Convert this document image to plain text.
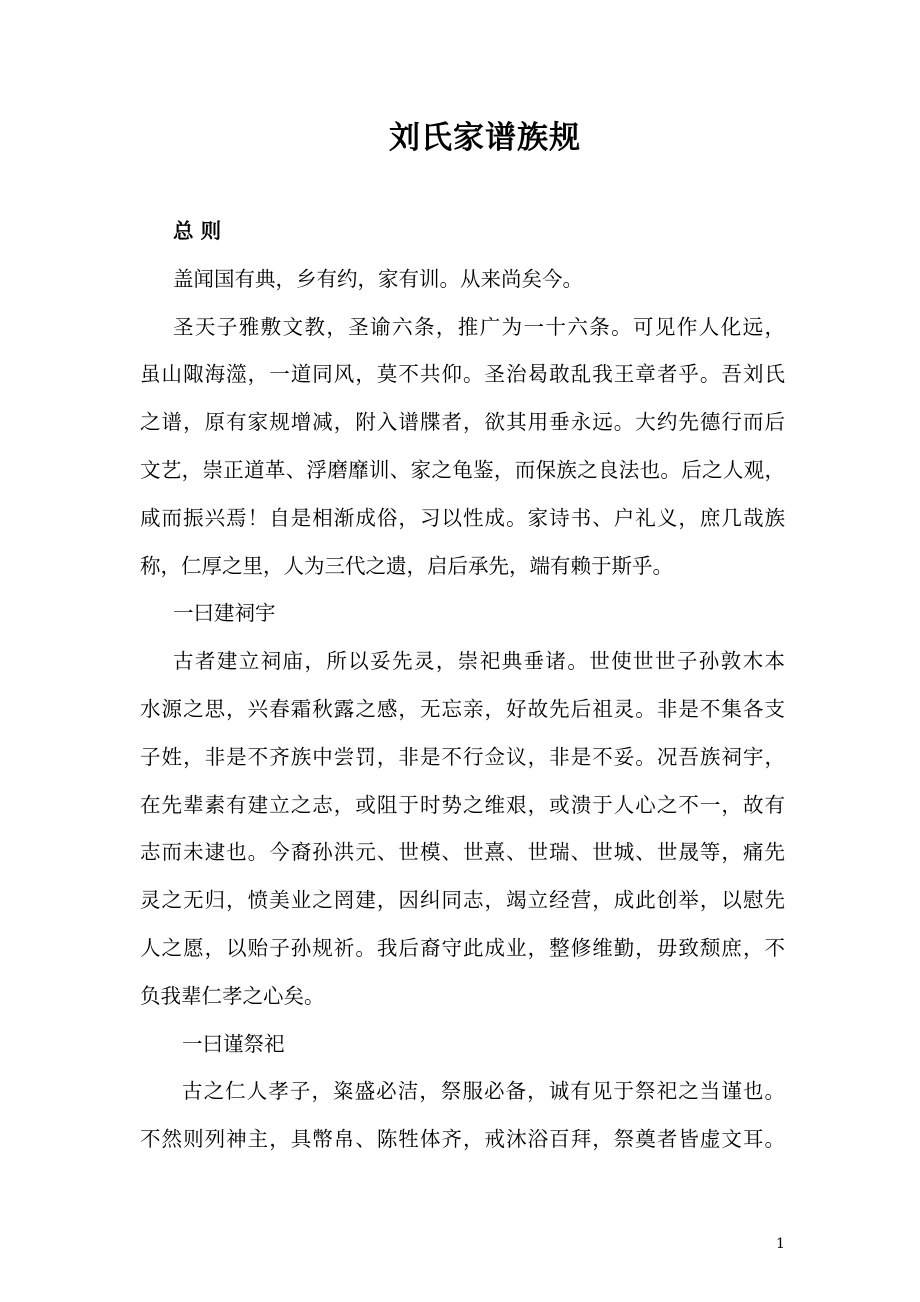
刘氏家谱族规
总 则
盖闻国有典，乡有约，家有训。从来尚矣今。
圣天子雅敷文教，圣谕六条，推广为一十六条。可见作人化远，
虽山陬海澨，一道同风，莫不共仰。圣治曷敢乱我王章者乎。吾刘氏
之谱，原有家规增减，附入谱牒者，欲其用垂永远。大约先德行而后
文艺，崇正道革、浮磨靡训、家之龟鉴，而保族之良法也。后之人观，
咸而振兴焉！自是相渐成俗，习以性成。家诗书、户礼义，庶几哉族
称，仁厚之里，人为三代之遗，启后承先，端有赖于斯乎。
一曰建祠宇
古者建立祠庙，所以妥先灵，崇祀典垂诸。世使世世子孙敦木本
水源之思，兴春霜秋露之感，无忘亲，好故先后祖灵。非是不集各支
子姓，非是不齐族中尝罚，非是不行佥议，非是不妥。况吾族祠宇，
在先辈素有建立之志，或阻于时势之维艰，或溃于人心之不一，故有
志而未逮也。今裔孙洪元、世模、世熹、世瑞、世城、世晟等，痛先
灵之无归，愤美业之罔建，因纠同志，竭立经营，成此创举，以慰先
人之愿，以贻子孙规祈。我后裔守此成业，整修维勤，毋致颓庶，不
负我辈仁孝之心矣。
一曰谨祭祀
古之仁人孝子，粢盛必洁，祭服必备，诚有见于祭祀之当谨也。
不然则列神主，具幣帛、陈牲体齐，戒沐浴百拜，祭奠者皆虚文耳。
1
